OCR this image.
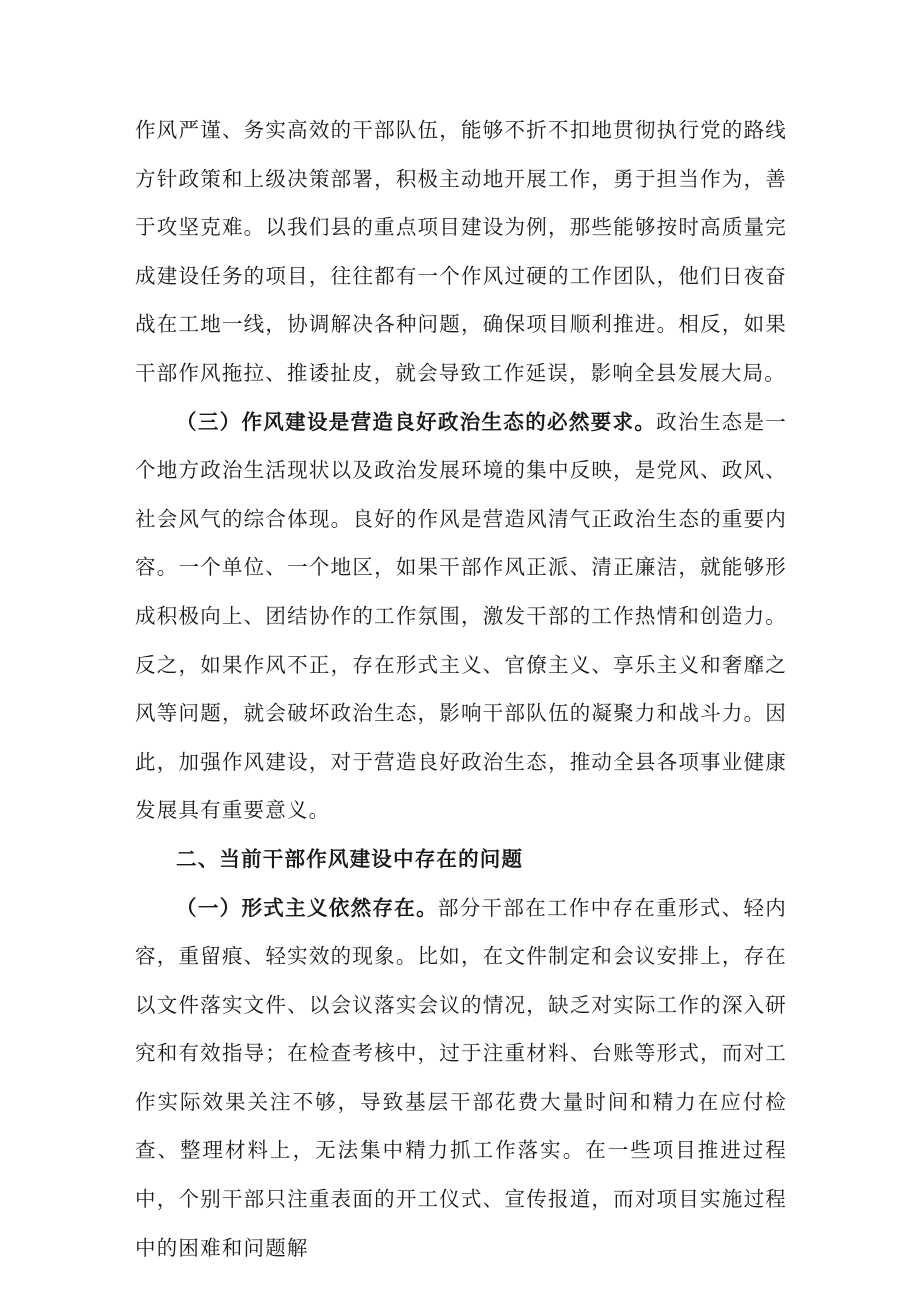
作风严谨、务实高效的干部队伍，能够不折不扣地贯彻执行党的路线方针政策和上级决策部署，积极主动地开展工作，勇于担当作为，善于攻坚克难。以我们县的重点项目建设为例，那些能够按时高质量完成建设任务的项目，往往都有一个作风过硬的工作团队，他们日夜奋战在工地一线，协调解决各种问题，确保项目顺利推进。相反，如果干部作风拖拉、推诿扯皮，就会导致工作延误，影响全县发展大局。

（三）作风建设是营造良好政治生态的必然要求。政治生态是一个地方政治生活现状以及政治发展环境的集中反映，是党风、政风、社会风气的综合体现。良好的作风是营造风清气正政治生态的重要内容。一个单位、一个地区，如果干部作风正派、清正廉洁，就能够形成积极向上、团结协作的工作氛围，激发干部的工作热情和创造力。反之，如果作风不正，存在形式主义、官僚主义、享乐主义和奢靡之风等问题，就会破坏政治生态，影响干部队伍的凝聚力和战斗力。因此，加强作风建设，对于营造良好政治生态，推动全县各项事业健康发展具有重要意义。

二、当前干部作风建设中存在的问题

（一）形式主义依然存在。部分干部在工作中存在重形式、轻内容，重留痕、轻实效的现象。比如，在文件制定和会议安排上，存在以文件落实文件、以会议落实会议的情况，缺乏对实际工作的深入研究和有效指导；在检查考核中，过于注重材料、台账等形式，而对工作实际效果关注不够，导致基层干部花费大量时间和精力在应付检查、整理材料上，无法集中精力抓工作落实。在一些项目推进过程中，个别干部只注重表面的开工仪式、宣传报道，而对项目实施过程中的困难和问题解
